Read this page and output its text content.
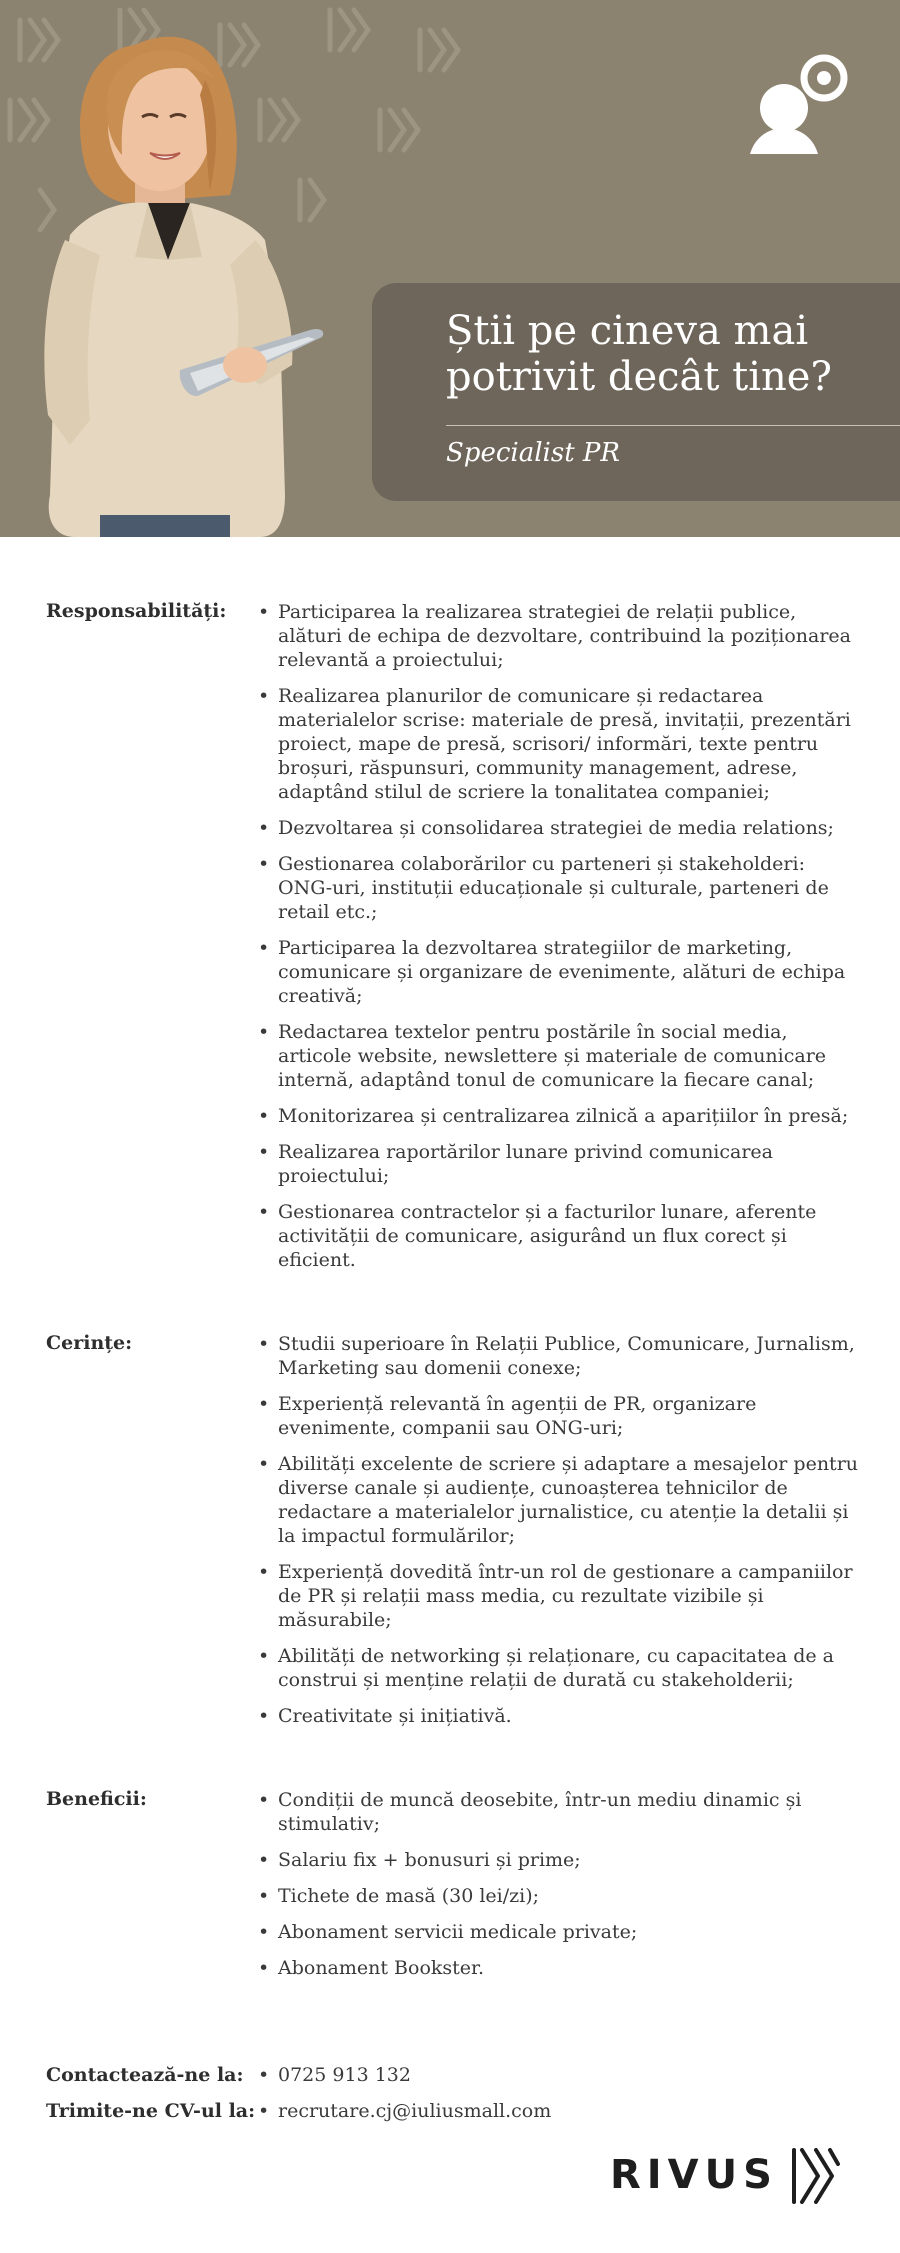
Știi pe cineva mai potrivit decât tine?
Specialist PR
Responsabilități:	• Participarea la realizarea strategiei de relații publice, alături de echipa de dezvoltare, contribuind la poziționarea relevantă a proiectului;
• Realizarea planurilor de comunicare și redactarea materialelor scrise: materiale de presă, invitații, prezentări proiect, mape de presă, scrisori/ informări, texte pentru broșuri, răspunsuri, community management, adrese, adaptând stilul de scriere la tonalitatea companiei;
• Dezvoltarea și consolidarea strategiei de media relations;
• Gestionarea colaborărilor cu parteneri și stakeholderi: ONG-uri, instituții educaționale și culturale, parteneri de retail etc.;
• Participarea la dezvoltarea strategiilor de marketing, comunicare și organizare de evenimente, alături de echipa creativă;
• Redactarea textelor pentru postările în social media, articole website, newslettere și materiale de comunicare internă, adaptând tonul de comunicare la fiecare canal;
• Monitorizarea și centralizarea zilnică a aparițiilor în presă;
• Realizarea raportărilor lunare privind comunicarea proiectului;
• Gestionarea contractelor și a facturilor lunare, aferente activității de comunicare, asigurând un flux corect și eficient.
Cerințe:	• Studii superioare în Relații Publice, Comunicare, Jurnalism, Marketing sau domenii conexe;
• Experiență relevantă în agenții de PR, organizare evenimente, companii sau ONG-uri;
• Abilități excelente de scriere și adaptare a mesajelor pentru diverse canale și audiențe, cunoașterea tehnicilor de redactare a materialelor jurnalistice, cu atenție la detalii și la impactul formulărilor;
• Experiență dovedită într-un rol de gestionare a campaniilor de PR și relații mass media, cu rezultate vizibile și măsurabile;
• Abilități de networking și relaționare, cu capacitatea de a construi și menține relații de durată cu stakeholderii;
• Creativitate și inițiativă.
Beneficii:	• Condiții de muncă deosebite, într-un mediu dinamic și stimulativ;
• Salariu fix + bonusuri și prime;
• Tichete de masă (30 lei/zi);
• Abonament servicii medicale private;
• Abonament Bookster.
Contactează-ne la:	• 0725 913 132
Trimite-ne CV-ul la:	• recrutare.cj@iuliusmall.com
RIVUS
